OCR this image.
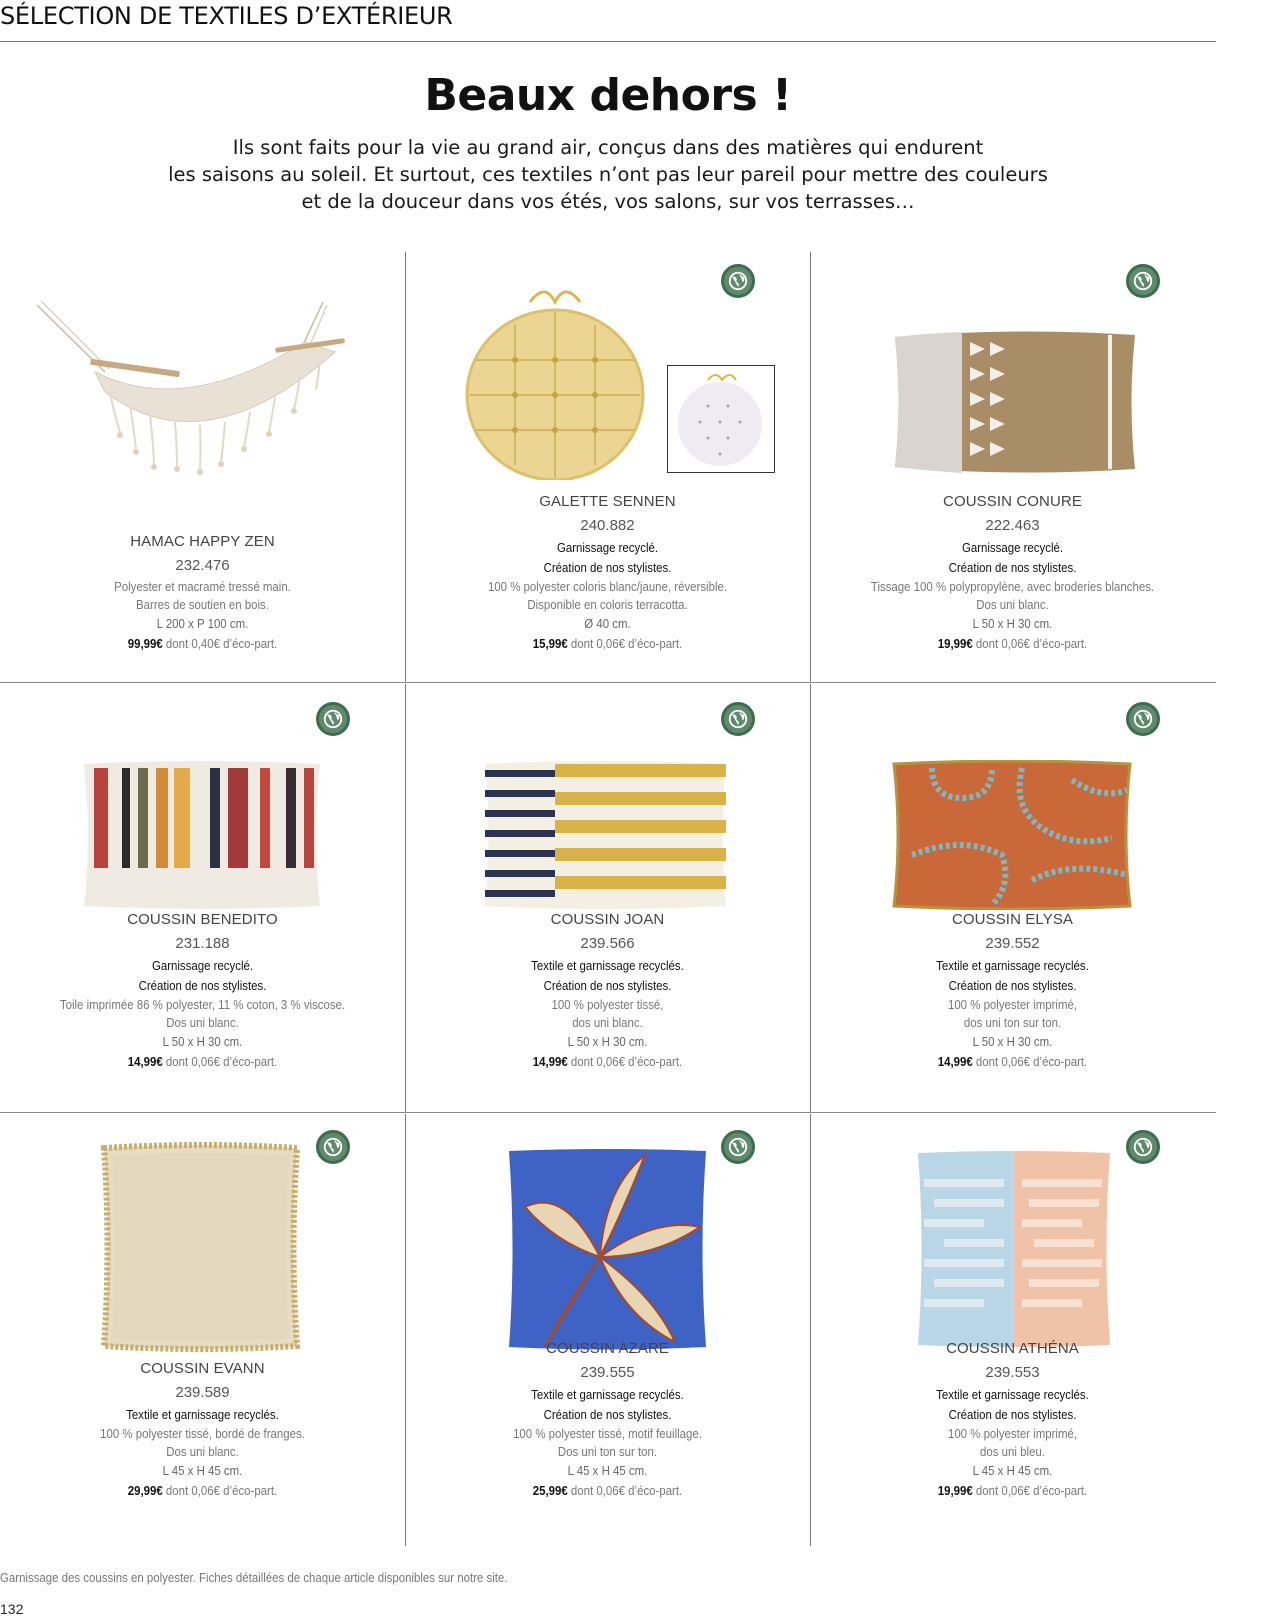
SÉLECTION DE TEXTILES D’EXTÉRIEUR
Beaux dehors !
Ils sont faits pour la vie au grand air, conçus dans des matières qui endurent
les saisons au soleil. Et surtout, ces textiles n’ont pas leur pareil pour mettre des couleurs
et de la douceur dans vos étés, vos salons, sur vos terrasses…
HAMAC HAPPY ZEN
232.476
Polyester et macramé tressé main.
Barres de soutien en bois.
L 200 x P 100 cm.
99,99€ dont 0,40€ d’éco-part.
GALETTE SENNEN
240.882
Garnissage recyclé.
Création de nos stylistes.
100 % polyester coloris blanc/jaune, réversible.
Disponible en coloris terracotta.
Ø 40 cm.
15,99€ dont 0,06€ d’éco-part.
COUSSIN CONURE
222.463
Garnissage recyclé.
Création de nos stylistes.
Tissage 100 % polypropylène, avec broderies blanches.
Dos uni blanc.
L 50 x H 30 cm.
19,99€ dont 0,06€ d’éco-part.
COUSSIN BENEDITO
231.188
Garnissage recyclé.
Création de nos stylistes.
Toile imprimée 86 % polyester, 11 % coton, 3 % viscose.
Dos uni blanc.
L 50 x H 30 cm.
14,99€ dont 0,06€ d’éco-part.
COUSSIN JOAN
239.566
Textile et garnissage recyclés.
Création de nos stylistes.
100 % polyester tissé,
dos uni blanc.
L 50 x H 30 cm.
14,99€ dont 0,06€ d’éco-part.
COUSSIN ELYSA
239.552
Textile et garnissage recyclés.
Création de nos stylistes.
100 % polyester imprimé,
dos uni ton sur ton.
L 50 x H 30 cm.
14,99€ dont 0,06€ d’éco-part.
COUSSIN EVANN
239.589
Textile et garnissage recyclés.
100 % polyester tissé, bordé de franges.
Dos uni blanc.
L 45 x H 45 cm.
29,99€ dont 0,06€ d’éco-part.
COUSSIN AZARE
239.555
Textile et garnissage recyclés.
Création de nos stylistes.
100 % polyester tissé, motif feuillage.
Dos uni ton sur ton.
L 45 x H 45 cm.
25,99€ dont 0,06€ d’éco-part.
COUSSIN ATHÉNA
239.553
Textile et garnissage recyclés.
Création de nos stylistes.
100 % polyester imprimé,
dos uni bleu.
L 45 x H 45 cm.
19,99€ dont 0,06€ d’éco-part.
Garnissage des coussins en polyester. Fiches détaillées de chaque article disponibles sur notre site.
132
